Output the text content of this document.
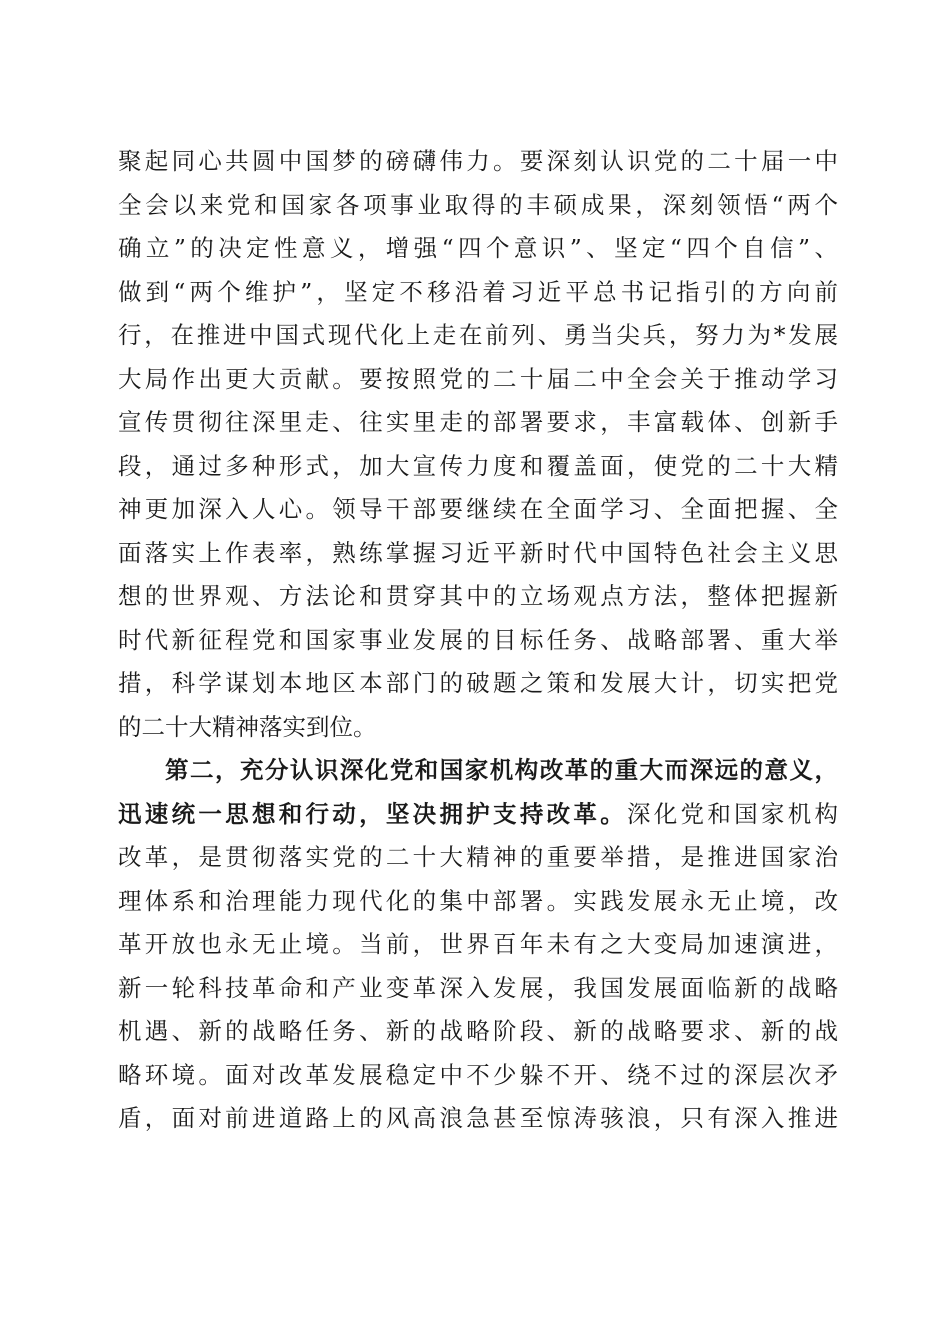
聚起同心共圆中国梦的磅礴伟力。要深刻认识党的二十届一中
全会以来党和国家各项事业取得的丰硕成果，深刻领悟“两个
确立”的决定性意义，增强“四个意识”、坚定“四个自信”、
做到“两个维护”，坚定不移沿着习近平总书记指引的方向前
行，在推进中国式现代化上走在前列、勇当尖兵，努力为*发展
大局作出更大贡献。要按照党的二十届二中全会关于推动学习
宣传贯彻往深里走、往实里走的部署要求，丰富载体、创新手
段，通过多种形式，加大宣传力度和覆盖面，使党的二十大精
神更加深入人心。领导干部要继续在全面学习、全面把握、全
面落实上作表率，熟练掌握习近平新时代中国特色社会主义思
想的世界观、方法论和贯穿其中的立场观点方法，整体把握新
时代新征程党和国家事业发展的目标任务、战略部署、重大举
措，科学谋划本地区本部门的破题之策和发展大计，切实把党
的二十大精神落实到位。
第二，充分认识深化党和国家机构改革的重大而深远的意义，
迅速统一思想和行动，坚决拥护支持改革。深化党和国家机构
改革，是贯彻落实党的二十大精神的重要举措，是推进国家治
理体系和治理能力现代化的集中部署。实践发展永无止境，改
革开放也永无止境。当前，世界百年未有之大变局加速演进，
新一轮科技革命和产业变革深入发展，我国发展面临新的战略
机遇、新的战略任务、新的战略阶段、新的战略要求、新的战
略环境。面对改革发展稳定中不少躲不开、绕不过的深层次矛
盾，面对前进道路上的风高浪急甚至惊涛骇浪，只有深入推进
